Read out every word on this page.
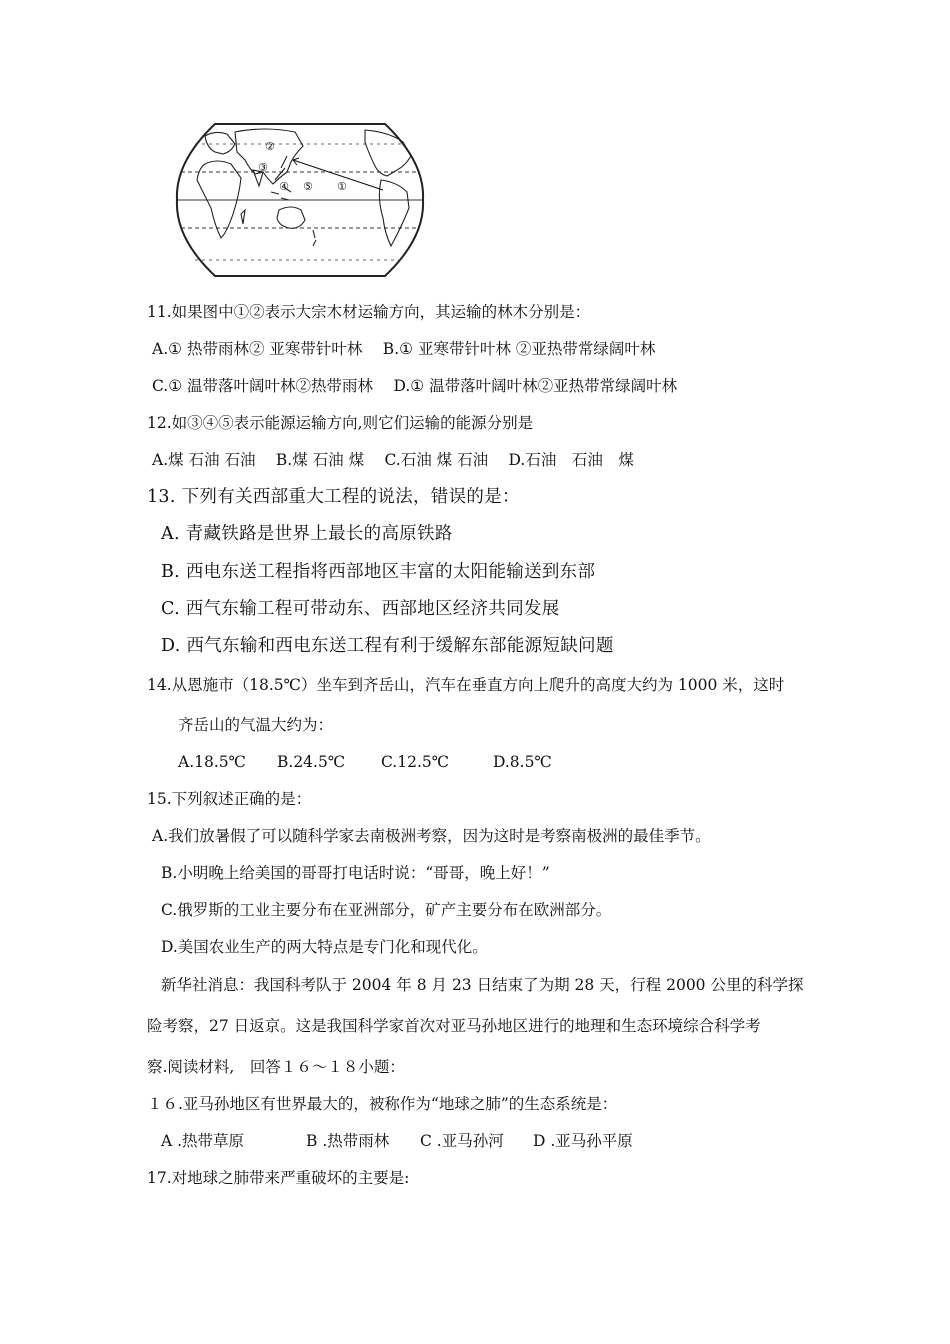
②
③
④ ⑤ ①
11.如果图中①②表示大宗木材运输方向，其运输的林木分别是：
A.① 热带雨林② 亚寒带针叶林　 B.① 亚寒带针叶林 ②亚热带常绿阔叶林
C.① 温带落叶阔叶林②热带雨林　 D.① 温带落叶阔叶林②亚热带常绿阔叶林
12.如③④⑤表示能源运输方向,则它们运输的能源分别是
A.煤 石油 石油　 B.煤 石油 煤　 C.石油 煤 石油　 D.石油　石油　煤
13. 下列有关西部重大工程的说法，错误的是：
A. 青藏铁路是世界上最长的高原铁路
B. 西电东送工程指将西部地区丰富的太阳能输送到东部
C. 西气东输工程可带动东、西部地区经济共同发展
D. 西气东输和西电东送工程有利于缓解东部能源短缺问题
14.从恩施市（18.5℃）坐车到齐岳山，汽车在垂直方向上爬升的高度大约为 1000 米，这时
齐岳山的气温大约为：
A.18.5℃ B.24.5℃ C.12.5℃	D.8.5℃
15.下列叙述正确的是：
A.我们放暑假了可以随科学家去南极洲考察，因为这时是考察南极洲的最佳季节。
B.小明晚上给美国的哥哥打电话时说：“哥哥，晚上好！”
C.俄罗斯的工业主要分布在亚洲部分，矿产主要分布在欧洲部分。
D.美国农业生产的两大特点是专门化和现代化。
新华社消息：我国科考队于 2004 年 8 月 23 日结束了为期 28 天，行程 2000 公里的科学探
险考察，27 日返京。这是我国科学家首次对亚马孙地区进行的地理和生态环境综合科学考
察.阅读材料,　回答１６～１８小题：
１６.亚马孙地区有世界最大的，被称作为“地球之肺”的生态系统是：
A .热带草原	B .热带雨林 C .亚马孙河 D .亚马孙平原
17.对地球之肺带来严重破坏的主要是:
